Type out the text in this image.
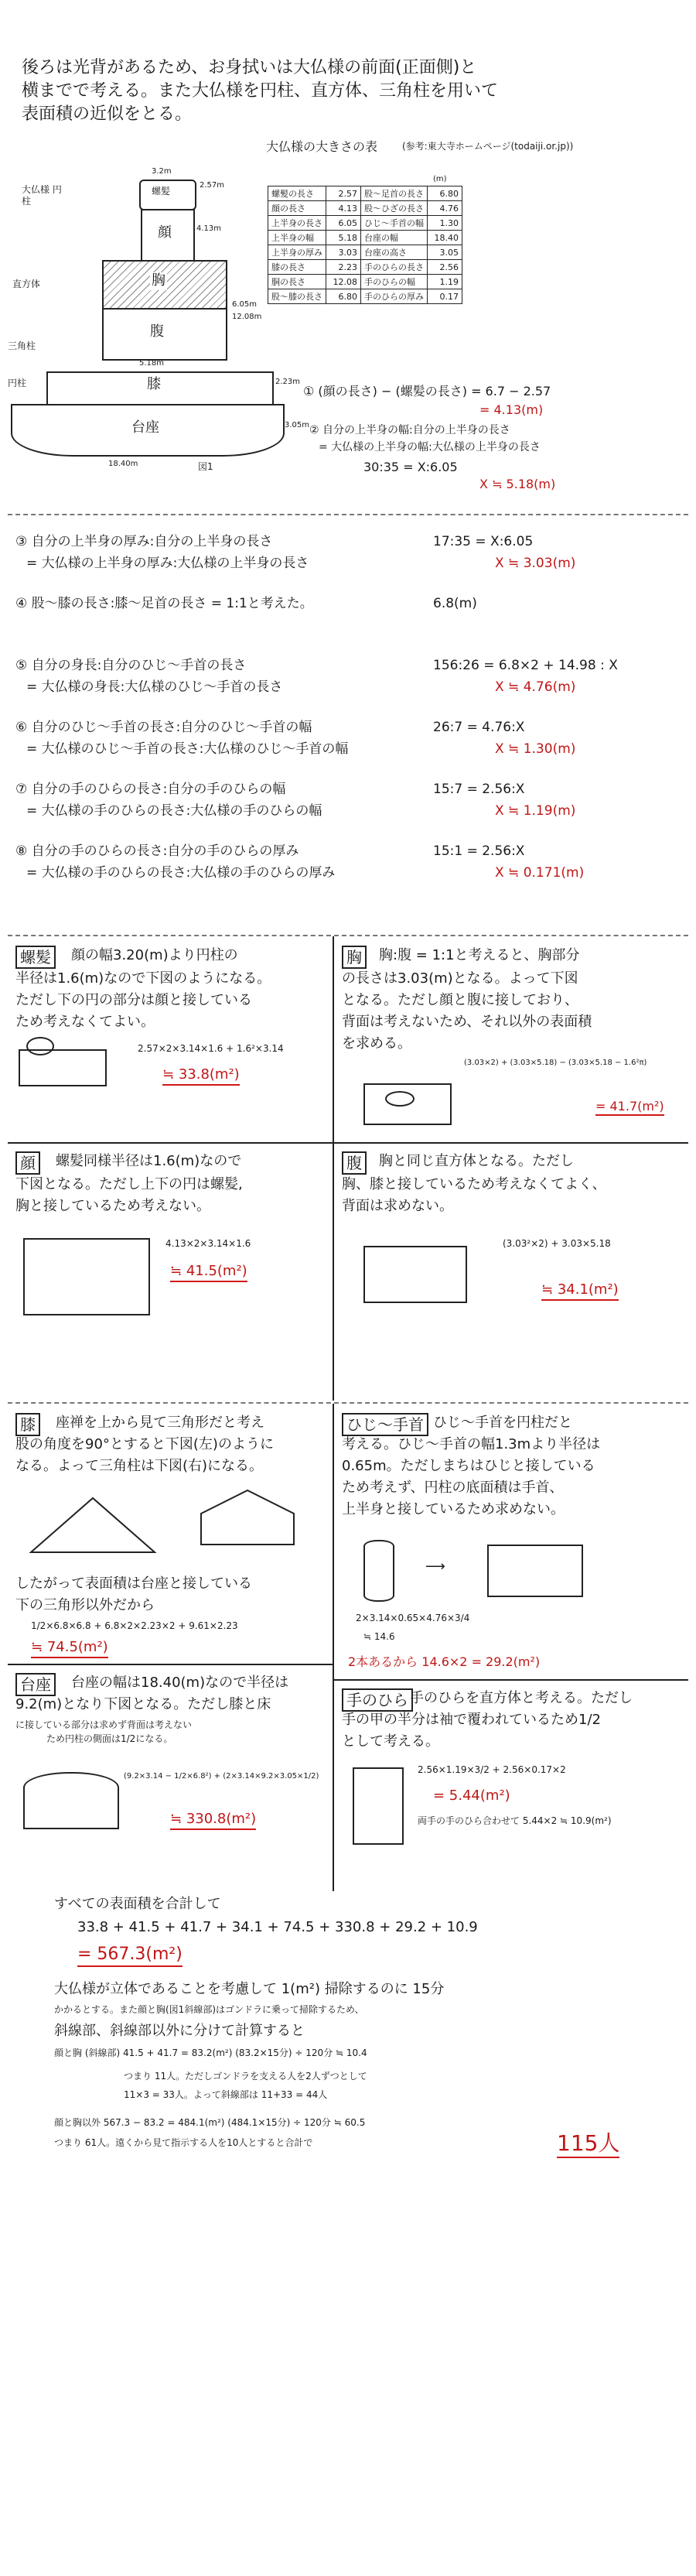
後ろは光背があるため、お身拭いは大仏様の前面(正面側)と
横までで考える。また大仏様を円柱、直方体、三角柱を用いて
表面積の近似をとる。
螺髪
3.2m
2.57m
顔	4.13m
大仏様 円柱
胸
腹
6.05m
12.08m
5.18m
直方体
三角柱
膝	2.23m
円柱
台座	3.05m
18.40m	図1
大仏様の大きさの表	(参考:東大寺ホームページ(todaiji.or.jp))
(m)
螺髪の長さ	2.57	股～足首の長さ	6.80
顔の長さ	4.13	股～ひざの長さ	4.76
上半身の長さ	6.05	ひじ～手首の幅	1.30
上半身の幅	5.18	台座の幅	18.40
上半身の厚み	3.03	台座の高さ	3.05
膝の長さ	2.23	手のひらの長さ	2.56
胴の長さ	12.08	手のひらの幅	1.19
股～膝の長さ	6.80	手のひらの厚み	0.17
① (顔の長さ) − (螺髪の長さ) = 6.7 − 2.57
= 4.13(m)
② 自分の上半身の幅:自分の上半身の長さ
= 大仏様の上半身の幅:大仏様の上半身の長さ
30:35 = X:6.05
X ≒ 5.18(m)
③ 自分の上半身の厚み:自分の上半身の長さ
= 大仏様の上半身の厚み:大仏様の上半身の長さ
17:35 = X:6.05
X ≒ 3.03(m)
④ 股～膝の長さ:膝～足首の長さ = 1:1と考えた。	6.8(m)
⑤ 自分の身長:自分のひじ～手首の長さ
= 大仏様の身長:大仏様のひじ～手首の長さ
156:26 = 6.8×2 + 14.98 : X
X ≒ 4.76(m)
⑥ 自分のひじ～手首の長さ:自分のひじ～手首の幅
= 大仏様のひじ～手首の長さ:大仏様のひじ～手首の幅
26:7 = 4.76:X
X ≒ 1.30(m)
⑦ 自分の手のひらの長さ:自分の手のひらの幅
= 大仏様の手のひらの長さ:大仏様の手のひらの幅
15:7 = 2.56:X
X ≒ 1.19(m)
⑧ 自分の手のひらの長さ:自分の手のひらの厚み
= 大仏様の手のひらの長さ:大仏様の手のひらの厚み
15:1 = 2.56:X
X ≒ 0.171(m)
螺髪	顔の幅3.20(m)より円柱の
半径は1.6(m)なので下図のようになる。
ただし下の円の部分は顔と接している
ため考えなくてよい。
2.57×2×3.14×1.6 + 1.6²×3.14
≒ 33.8(m²)
胸	胸:腹 = 1:1と考えると、胸部分
の長さは3.03(m)となる。よって下図
となる。ただし顔と腹に接しており、
背面は考えないため、それ以外の表面積
を求める。
(3.03×2) + (3.03×5.18) − (3.03×5.18 − 1.6²π)
= 41.7(m²)
顔	螺髪同様半径は1.6(m)なので
下図となる。ただし上下の円は螺髪,
胸と接しているため考えない。
4.13×2×3.14×1.6
≒ 41.5(m²)
腹	胸と同じ直方体となる。ただし
胸、膝と接しているため考えなくてよく、
背面は求めない。
(3.03²×2) + 3.03×5.18
≒ 34.1(m²)
膝	座禅を上から見て三角形だと考え
股の角度を90°とすると下図(左)のように
なる。よって三角柱は下図(右)になる。
したがって表面積は台座と接している
下の三角形以外だから
1/2×6.8×6.8 + 6.8×2×2.23×2 + 9.61×2.23
≒ 74.5(m²)
ひじ～手首 ひじ～手首を円柱だと
考える。ひじ～手首の幅1.3mより半径は
0.65m。ただしまちはひじと接している
ため考えず、円柱の底面積は手首、
上半身と接しているため求めない。
⟶
2×3.14×0.65×4.76×3/4
≒ 14.6
2本あるから 14.6×2 = 29.2(m²)
台座	台座の幅は18.40(m)なので半径は
9.2(m)となり下図となる。ただし膝と床
に接している部分は求めず背面は考えない
ため円柱の側面は1/2になる。
(9.2×3.14 − 1/2×6.8²) + (2×3.14×9.2×3.05×1/2)
≒ 330.8(m²)
手のひら 手のひらを直方体と考える。ただし
手の甲の半分は袖で覆われているため1/2
として考える。
2.56×1.19×3/2 + 2.56×0.17×2
= 5.44(m²)
両手の手のひら合わせて 5.44×2 ≒ 10.9(m²)
すべての表面積を合計して
33.8 + 41.5 + 41.7 + 34.1 + 74.5 + 330.8 + 29.2 + 10.9
= 567.3(m²)
大仏様が立体であることを考慮して 1(m²) 掃除するのに 15分
かかるとする。また顔と胸(図1斜線部)はゴンドラに乗って掃除するため、
斜線部、斜線部以外に分けて計算すると
顔と胸 (斜線部) 41.5 + 41.7 = 83.2(m²) (83.2×15分) ÷ 120分 ≒ 10.4
つまり 11人。ただしゴンドラを支える人を2人ずつとして
11×3 = 33人。よって斜線部は 11+33 = 44人
顔と胸以外 567.3 − 83.2 = 484.1(m²) (484.1×15分) ÷ 120分 ≒ 60.5
つまり 61人。遠くから見て指示する人を10人とすると合計で	115人
